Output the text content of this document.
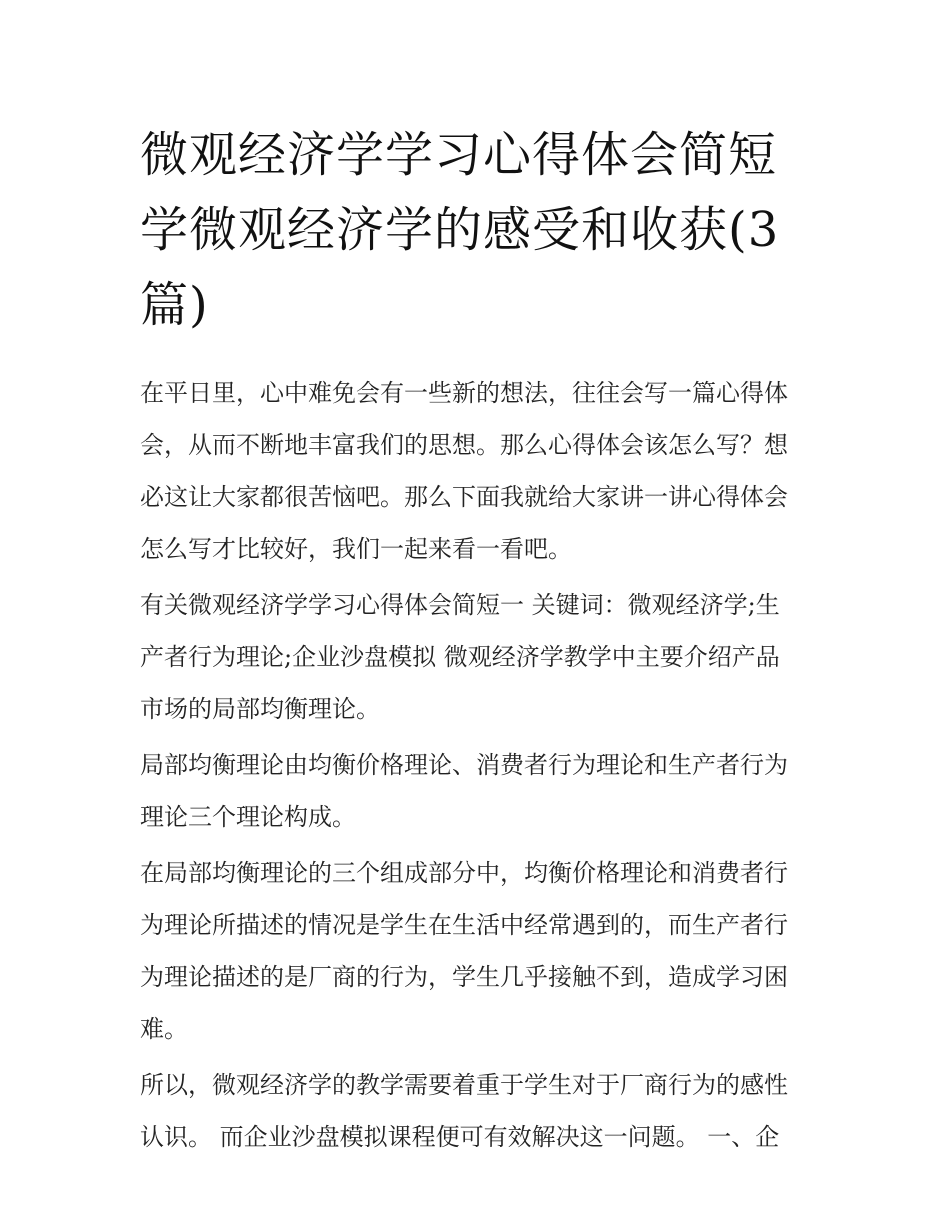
微观经济学学习心得体会简短
学微观经济学的感受和收获(3
篇)

在平日里，心中难免会有一些新的想法，往往会写一篇心得体
会，从而不断地丰富我们的思想。那么心得体会该怎么写？想
必这让大家都很苦恼吧。那么下面我就给大家讲一讲心得体会
怎么写才比较好，我们一起来看一看吧。

有关微观经济学学习心得体会简短一 关键词：微观经济学;生
产者行为理论;企业沙盘模拟 微观经济学教学中主要介绍产品
市场的局部均衡理论。

局部均衡理论由均衡价格理论、消费者行为理论和生产者行为
理论三个理论构成。

在局部均衡理论的三个组成部分中，均衡价格理论和消费者行
为理论所描述的情况是学生在生活中经常遇到的，而生产者行
为理论描述的是厂商的行为，学生几乎接触不到，造成学习困
难。

所以，微观经济学的教学需要着重于学生对于厂商行为的感性
认识。 而企业沙盘模拟课程便可有效解决这一问题。 一、企
